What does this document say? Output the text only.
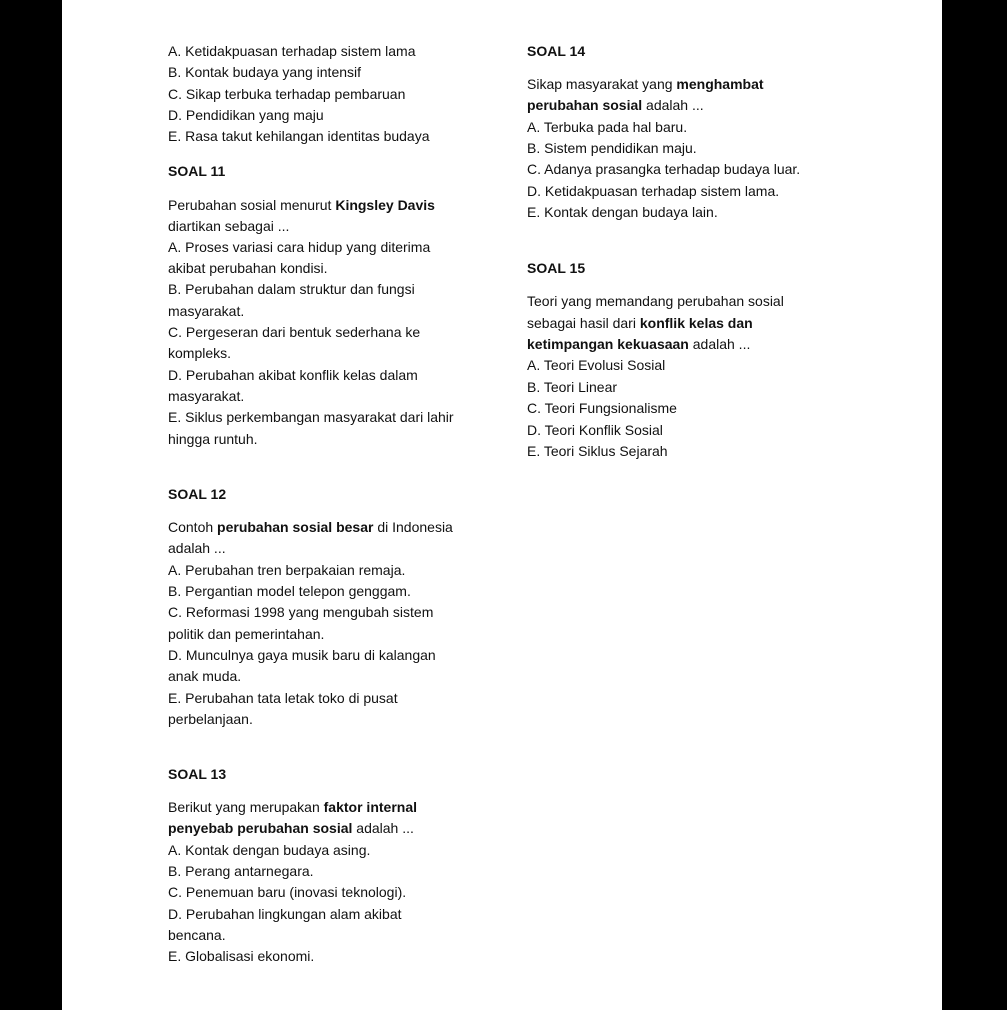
A. Ketidakpuasan terhadap sistem lama
B. Kontak budaya yang intensif
C. Sikap terbuka terhadap pembaruan
D. Pendidikan yang maju
E. Rasa takut kehilangan identitas budaya
SOAL 11
Perubahan sosial menurut Kingsley Davis
diartikan sebagai ...
A. Proses variasi cara hidup yang diterima
akibat perubahan kondisi.
B. Perubahan dalam struktur dan fungsi
masyarakat.
C. Pergeseran dari bentuk sederhana ke
kompleks.
D. Perubahan akibat konflik kelas dalam
masyarakat.
E. Siklus perkembangan masyarakat dari lahir
hingga runtuh.
SOAL 12
Contoh perubahan sosial besar di Indonesia
adalah ...
A. Perubahan tren berpakaian remaja.
B. Pergantian model telepon genggam.
C. Reformasi 1998 yang mengubah sistem
politik dan pemerintahan.
D. Munculnya gaya musik baru di kalangan
anak muda.
E. Perubahan tata letak toko di pusat
perbelanjaan.
SOAL 13
Berikut yang merupakan faktor internal
penyebab perubahan sosial adalah ...
A. Kontak dengan budaya asing.
B. Perang antarnegara.
C. Penemuan baru (inovasi teknologi).
D. Perubahan lingkungan alam akibat
bencana.
E. Globalisasi ekonomi.
SOAL 14
Sikap masyarakat yang menghambat
perubahan sosial adalah ...
A. Terbuka pada hal baru.
B. Sistem pendidikan maju.
C. Adanya prasangka terhadap budaya luar.
D. Ketidakpuasan terhadap sistem lama.
E. Kontak dengan budaya lain.
SOAL 15
Teori yang memandang perubahan sosial
sebagai hasil dari konflik kelas dan
ketimpangan kekuasaan adalah ...
A. Teori Evolusi Sosial
B. Teori Linear
C. Teori Fungsionalisme
D. Teori Konflik Sosial
E. Teori Siklus Sejarah
